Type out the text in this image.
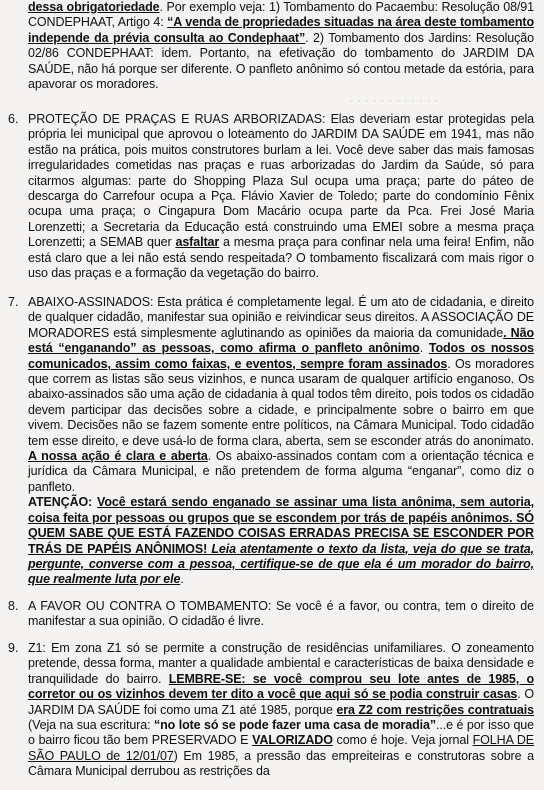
· · · · · · · · · · · ·
dessa obrigatoriedade. Por exemplo veja: 1) Tombamento do Pacaembu: Resolução 08/91 CONDEPHAAT, Artigo 4: “A venda de propriedades situadas na área deste tombamento independe da prévia consulta ao Condephaat”. 2) Tombamento dos Jardins: Resolução 02/86 CONDEPHAAT: idem. Portanto, na efetivação do tombamento do JARDIM DA SAÚDE, não há porque ser diferente. O panfleto anônimo só contou metade da estória, para apavorar os moradores.
6. PROTEÇÃO DE PRAÇAS E RUAS ARBORIZADAS: Elas deveriam estar protegidas pela própria lei municipal que aprovou o loteamento do JARDIM DA SAÚDE em 1941, mas não estão na prática, pois muitos construtores burlam a lei. Você deve saber das mais famosas irregularidades cometidas nas praças e ruas arborizadas do Jardim da Saúde, só para citarmos algumas: parte do Shopping Plaza Sul ocupa uma praça; parte do páteo de descarga do Carrefour ocupa a Pça. Flávio Xavier de Toledo; parte do condomínio Fênix ocupa uma praça; o Cingapura Dom Macário ocupa parte da Pca. Frei José Maria Lorenzetti; a Secretaria da Educação está construindo uma EMEI sobre a mesma praça Lorenzetti; a SEMAB quer asfaltar a mesma praça para confinar nela uma feira! Enfim, não está claro que a lei não está sendo respeitada? O tombamento fiscalizará com mais rigor o uso das praças e a formação da vegetação do bairro.
7. ABAIXO-ASSINADOS: Esta prática é completamente legal. É um ato de cidadania, e direito de qualquer cidadão, manifestar sua opinião e reivindicar seus direitos. A ASSOCIAÇÃO DE MORADORES está simplesmente aglutinando as opiniões da maioria da comunidade. Não está “enganando” as pessoas, como afirma o panfleto anônimo. Todos os nossos comunicados, assim como faixas, e eventos, sempre foram assinados. Os moradores que correm as listas são seus vizinhos, e nunca usaram de qualquer artifício enganoso. Os abaixo-assinados são uma ação de cidadania à qual todos têm direito, pois todos os cidadão devem participar das decisões sobre a cidade, e principalmente sobre o bairro em que vivem. Decisões não se fazem somente entre políticos, na Câmara Municipal. Todo cidadão tem esse direito, e deve usá-lo de forma clara, aberta, sem se esconder atrás do anonimato. A nossa ação é clara e aberta. Os abaixo-assinados contam com a orientação técnica e jurídica da Câmara Municipal, e não pretendem de forma alguma “enganar”, como diz o panfleto.
ATENÇÃO: Você estará sendo enganado se assinar uma lista anônima, sem autoria, coisa feita por pessoas ou grupos que se escondem por trás de papéis anônimos. SÓ QUEM SABE QUE ESTÁ FAZENDO COISAS ERRADAS PRECISA SE ESCONDER POR TRÁS DE PAPÉIS ANÔNIMOS! Leia atentamente o texto da lista, veja do que se trata, pergunte, converse com a pessoa, certifique-se de que ela é um morador do bairro, que realmente luta por ele.
8. A FAVOR OU CONTRA O TOMBAMENTO: Se você é a favor, ou contra, tem o direito de manifestar a sua opinião. O cidadão é livre.
9. Z1: Em zona Z1 só se permite a construção de residências unifamiliares. O zoneamento pretende, dessa forma, manter a qualidade ambiental e características de baixa densidade e tranquilidade do bairro. LEMBRE-SE: se você comprou seu lote antes de 1985, o corretor ou os vizinhos devem ter dito a você que aqui só se podia construir casas. O JARDIM DA SAÚDE foi como uma Z1 até 1985, porque era Z2 com restrições contratuais (Veja na sua escritura: “no lote só se pode fazer uma casa de moradia”...e é por isso que o bairro ficou tão bem PRESERVADO E VALORIZADO como é hoje. Veja jornal FOLHA DE SÃO PAULO de 12/01/07) Em 1985, a pressão das empreiteiras e construtoras sobre a Câmara Municipal derrubou as restrições da
